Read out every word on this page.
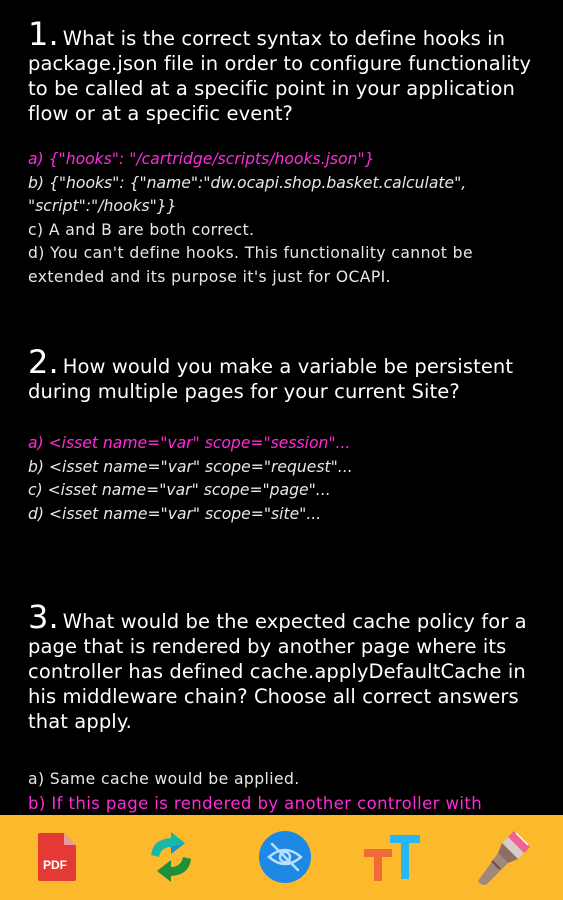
1. What is the correct syntax to define hooks in package.json file in order to configure functionality to be called at a specific point in your application flow or at a specific event?

a) {"hooks": "/cartridge/scripts/hooks.json"}

b) {"hooks": {"name":"dw.ocapi.shop.basket.calculate", "script":"/hooks"}}

c) A and B are both correct.

d) You can't define hooks. This functionality cannot be extended and its purpose it's just for OCAPI.

2. How would you make a variable be persistent during multiple pages for your current Site?

a) <isset name="var" scope="session"...

b) <isset name="var" scope="request"...

c) <isset name="var" scope="page"...

d) <isset name="var" scope="site"...

3. What would be the expected cache policy for a page that is rendered by another page where its controller has defined cache.applyDefaultCache in his middleware chain? Choose all correct answers that apply.

a) Same cache would be applied.

b) If this page is rendered by another controller with

PDF
